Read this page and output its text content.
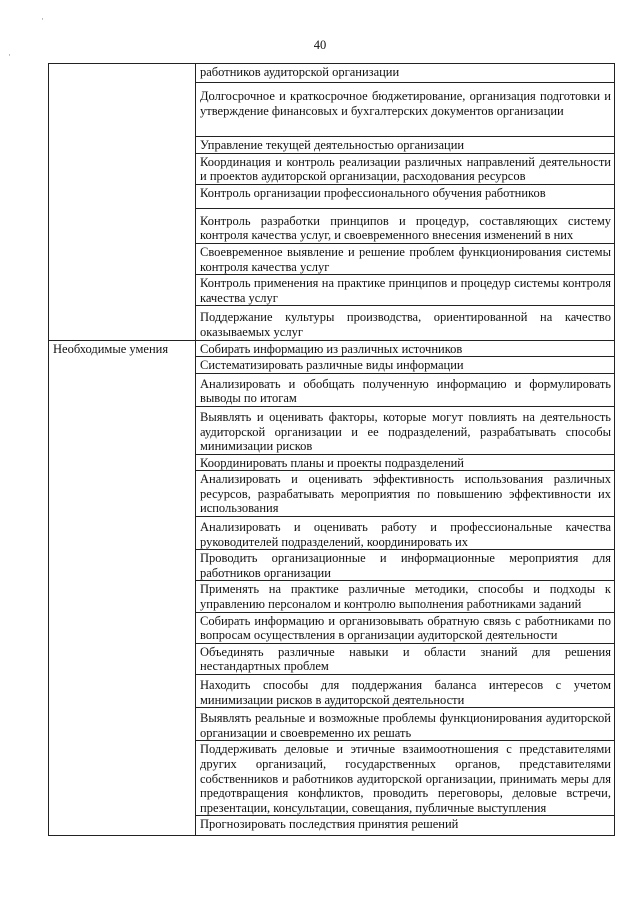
·
·
40
	работников аудиторской организации
	Долгосрочное и краткосрочное бюджетирование, организация подготовки и утверждение финансовых и бухгалтерских документов организации
	Управление текущей деятельностью организации
	Координация и контроль реализации различных направлений деятельности и проектов аудиторской организации, расходования ресурсов
	Контроль организации профессионального обучения работников
	Контроль разработки принципов и процедур, составляющих систему контроля качества услуг, и своевременного внесения изменений в них
	Своевременное выявление и решение проблем функционирования системы контроля качества услуг
	Контроль применения на практике принципов и процедур системы контроля качества услуг
	Поддержание культуры производства, ориентированной на качество оказываемых услуг
Необходимые умения	Собирать информацию из различных источников
	Систематизировать различные виды информации
	Анализировать и обобщать полученную информацию и формулировать выводы по итогам
	Выявлять и оценивать факторы, которые могут повлиять на деятельность аудиторской организации и ее подразделений, разрабатывать способы минимизации рисков
	Координировать планы и проекты подразделений
	Анализировать и оценивать эффективность использования различных ресурсов, разрабатывать мероприятия по повышению эффективности их использования
	Анализировать и оценивать работу и профессиональные качества руководителей подразделений, координировать их
	Проводить организационные и информационные мероприятия для работников организации
	Применять на практике различные методики, способы и подходы к управлению персоналом и контролю выполнения работниками заданий
	Собирать информацию и организовывать обратную связь с работниками по вопросам осуществления в организации аудиторской деятельности
	Объединять различные навыки и области знаний для решения нестандартных проблем
	Находить способы для поддержания баланса интересов с учетом минимизации рисков в аудиторской деятельности
	Выявлять реальные и возможные проблемы функционирования аудиторской организации и своевременно их решать
	Поддерживать деловые и этичные взаимоотношения с представителями других организаций, государственных органов, представителями собственников и работников аудиторской организации, принимать меры для предотвращения конфликтов, проводить переговоры, деловые встречи, презентации, консультации, совещания, публичные выступления
	Прогнозировать последствия принятия решений
